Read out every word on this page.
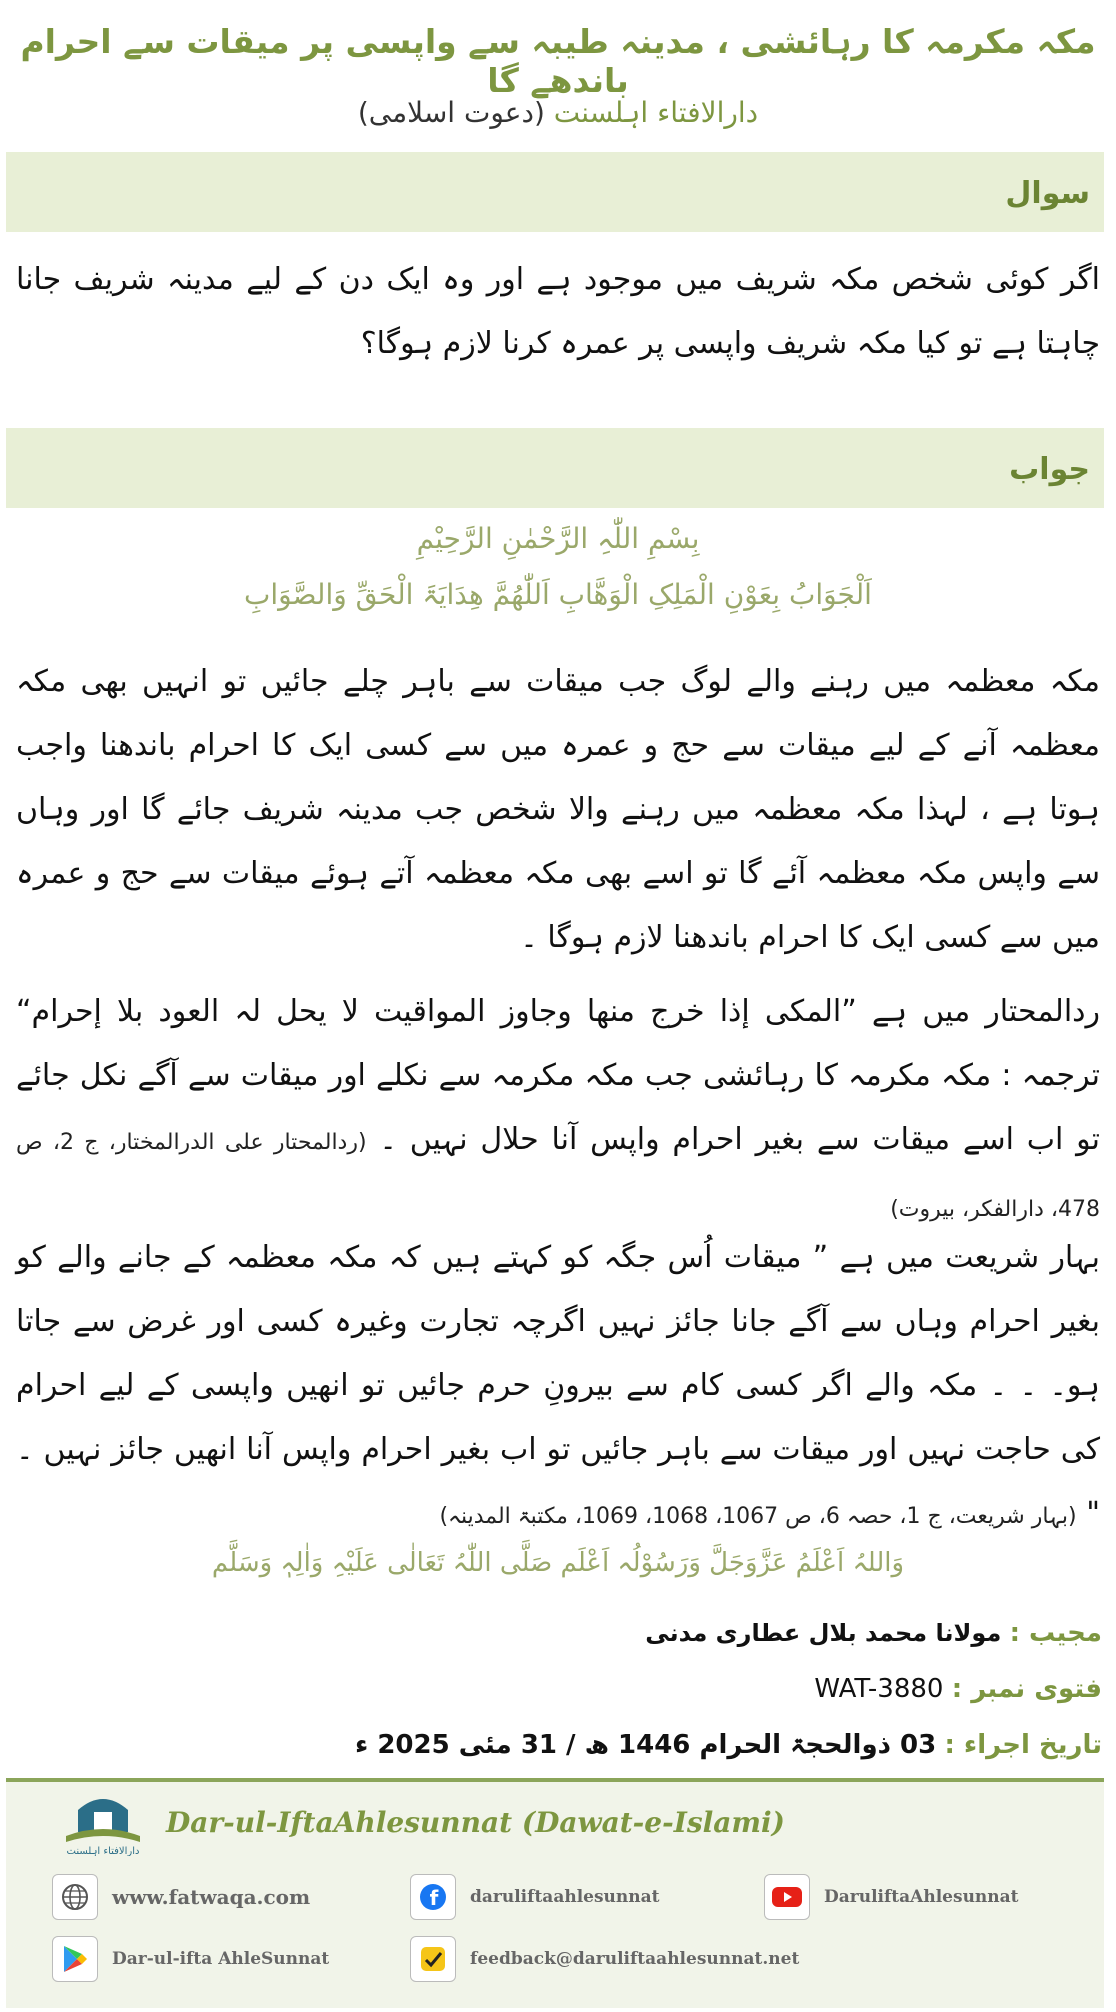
مکہ مکرمہ کا رہائشی ، مدینہ طیبہ سے واپسی پر میقات سے احرام باندھے گا
دارالافتاء اہلسنت (دعوت اسلامی)
سوال
اگر کوئی شخص مکہ شریف میں موجود ہے اور وہ ایک دن کے لیے مدینہ شریف جانا چاہتا ہے تو کیا مکہ شریف واپسی پر عمرہ کرنا لازم ہوگا؟
جواب
بِسْمِ اللّٰہِ الرَّحْمٰنِ الرَّحِیْمِ
اَلْجَوَابُ بِعَوْنِ الْمَلِکِ الْوَھَّابِ اَللّٰھُمَّ ھِدَایَۃَ الْحَقِّ وَالصَّوَابِ
مکہ معظمہ میں رہنے والے لوگ جب میقات سے باہر چلے جائیں تو انہیں بھی مکہ معظمہ آنے کے لیے میقات سے حج و عمرہ میں سے کسی ایک کا احرام باندھنا واجب ہوتا ہے ، لہذا مکہ معظمہ میں رہنے والا شخص جب مدینہ شریف جائے گا اور وہاں سے واپس مکہ معظمہ آئے گا تو اسے بھی مکہ معظمہ آتے ہوئے میقات سے حج و عمرہ میں سے کسی ایک کا احرام باندھنا لازم ہوگا ۔
ردالمحتار میں ہے ”المکی إذا خرج منھا وجاوز المواقیت لا یحل لہ العود بلا إحرام“ ترجمہ : مکہ مکرمہ کا رہائشی جب مکہ مکرمہ سے نکلے اور میقات سے آگے نکل جائے تو اب اسے میقات سے بغیر احرام واپس آنا حلال نہیں ۔ (ردالمحتار علی الدرالمختار، ج 2، ص 478، دارالفکر، بیروت)
بہار شریعت میں ہے ” میقات اُس جگہ کو کہتے ہیں کہ مکہ معظمہ کے جانے والے کو بغیر احرام وہاں سے آگے جانا جائز نہیں اگرچہ تجارت وغیرہ کسی اور غرض سے جاتا ہو۔ ۔ ۔ مکہ والے اگر کسی کام سے بیرونِ حرم جائیں تو انھیں واپسی کے لیے احرام کی حاجت نہیں اور میقات سے باہر جائیں تو اب بغیر احرام واپس آنا انھیں جائز نہیں ۔ " (بہار شریعت، ج 1، حصہ 6، ص 1067، 1068، 1069، مکتبۃ المدینہ)
وَاللہُ اَعْلَمُ عَزَّوَجَلَّ وَرَسُوْلُہ اَعْلَم صَلَّی اللّٰہُ تَعَالٰی عَلَیْہِ وَاٰلِہٖ وَسَلَّم
مجیب : مولانا محمد بلال عطاری مدنی
فتوی نمبر : WAT-3880
تاریخ اجراء : 03 ذوالحجۃ الحرام 1446 ھ / 31 مئی 2025 ء
دارالافتاء اہلسنت
Dar-ul-IftaAhlesunnat (Dawat-e-Islami)
www.fatwaqa.com	f daruliftaahlesunnat	DaruliftaAhlesunnat
Dar-ul-ifta AhleSunnat	feedback@daruliftaahlesunnat.net
